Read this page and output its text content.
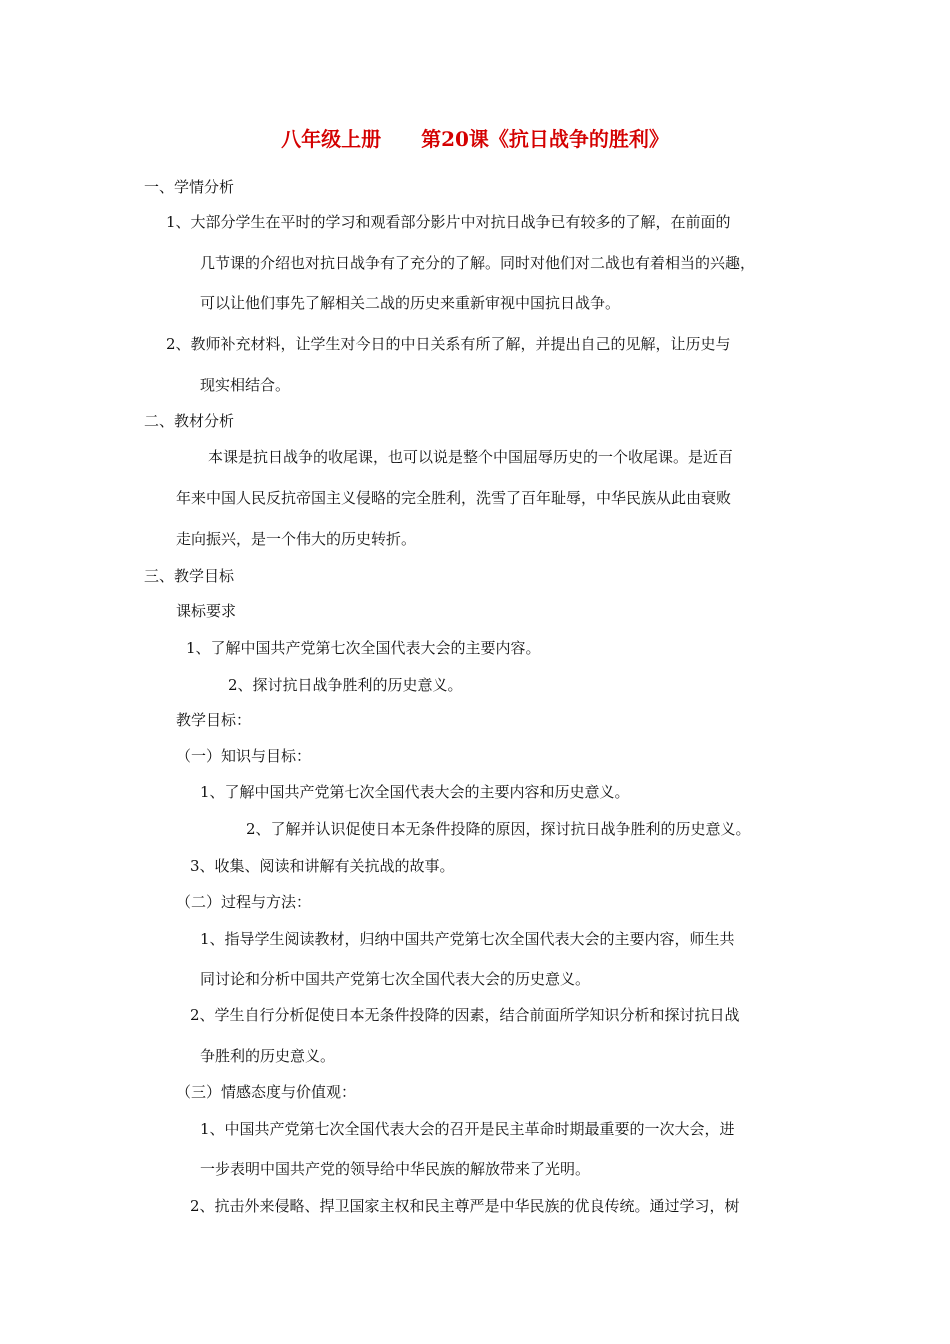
八年级上册 第20课《抗日战争的胜利》
一、学情分析
1、大部分学生在平时的学习和观看部分影片中对抗日战争已有较多的了解，在前面的
几节课的介绍也对抗日战争有了充分的了解。同时对他们对二战也有着相当的兴趣，
可以让他们事先了解相关二战的历史来重新审视中国抗日战争。
2、教师补充材料，让学生对今日的中日关系有所了解，并提出自己的见解，让历史与
现实相结合。
二、教材分析
本课是抗日战争的收尾课，也可以说是整个中国屈辱历史的一个收尾课。是近百
年来中国人民反抗帝国主义侵略的完全胜利，洗雪了百年耻辱，中华民族从此由衰败
走向振兴，是一个伟大的历史转折。
三、教学目标
课标要求
1、了解中国共产党第七次全国代表大会的主要内容。
2、探讨抗日战争胜利的历史意义。
教学目标：
（一）知识与目标：
1、了解中国共产党第七次全国代表大会的主要内容和历史意义。
2、了解并认识促使日本无条件投降的原因，探讨抗日战争胜利的历史意义。
3、收集、阅读和讲解有关抗战的故事。
（二）过程与方法：
1、指导学生阅读教材，归纳中国共产党第七次全国代表大会的主要内容，师生共
同讨论和分析中国共产党第七次全国代表大会的历史意义。
2、学生自行分析促使日本无条件投降的因素，结合前面所学知识分析和探讨抗日战
争胜利的历史意义。
（三）情感态度与价值观：
1、中国共产党第七次全国代表大会的召开是民主革命时期最重要的一次大会，进
一步表明中国共产党的领导给中华民族的解放带来了光明。
2、抗击外来侵略、捍卫国家主权和民主尊严是中华民族的优良传统。通过学习，树
